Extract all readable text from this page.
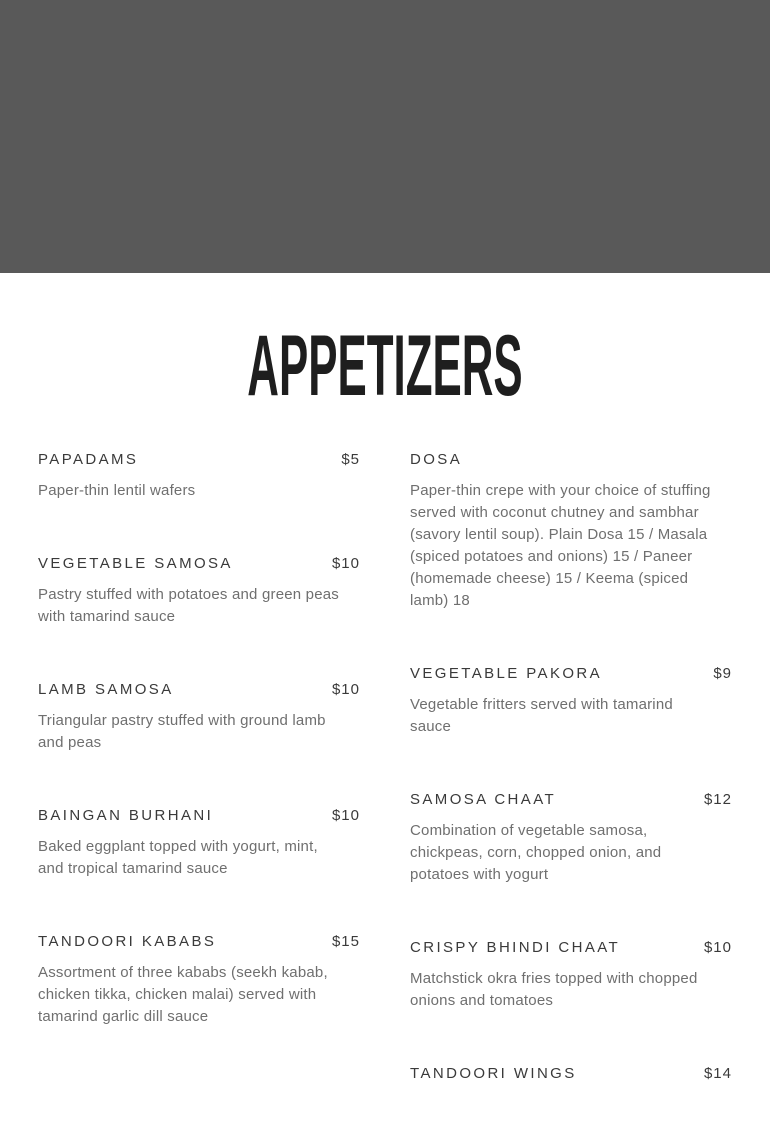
APPETIZERS
PAPADAMS	$5

Paper-thin lentil wafers

VEGETABLE SAMOSA	$10

Pastry stuffed with potatoes and green peas with tamarind sauce

LAMB SAMOSA	$10

Triangular pastry stuffed with ground lamb and peas

BAINGAN BURHANI	$10

Baked eggplant topped with yogurt, mint, and tropical tamarind sauce

TANDOORI KABABS	$15

Assortment of three kababs (seekh kabab, chicken tikka, chicken malai) served with tamarind garlic dill sauce

DOSA

Paper-thin crepe with your choice of stuffing served with coconut chutney and sambhar (savory lentil soup). Plain Dosa 15 / Masala (spiced potatoes and onions) 15 / Paneer (homemade cheese) 15 / Keema (spiced lamb) 18

VEGETABLE PAKORA	$9

Vegetable fritters served with tamarind sauce

SAMOSA CHAAT	$12

Combination of vegetable samosa, chickpeas, corn, chopped onion, and potatoes with yogurt

CRISPY BHINDI CHAAT	$10

Matchstick okra fries topped with chopped onions and tomatoes

TANDOORI WINGS	$14
